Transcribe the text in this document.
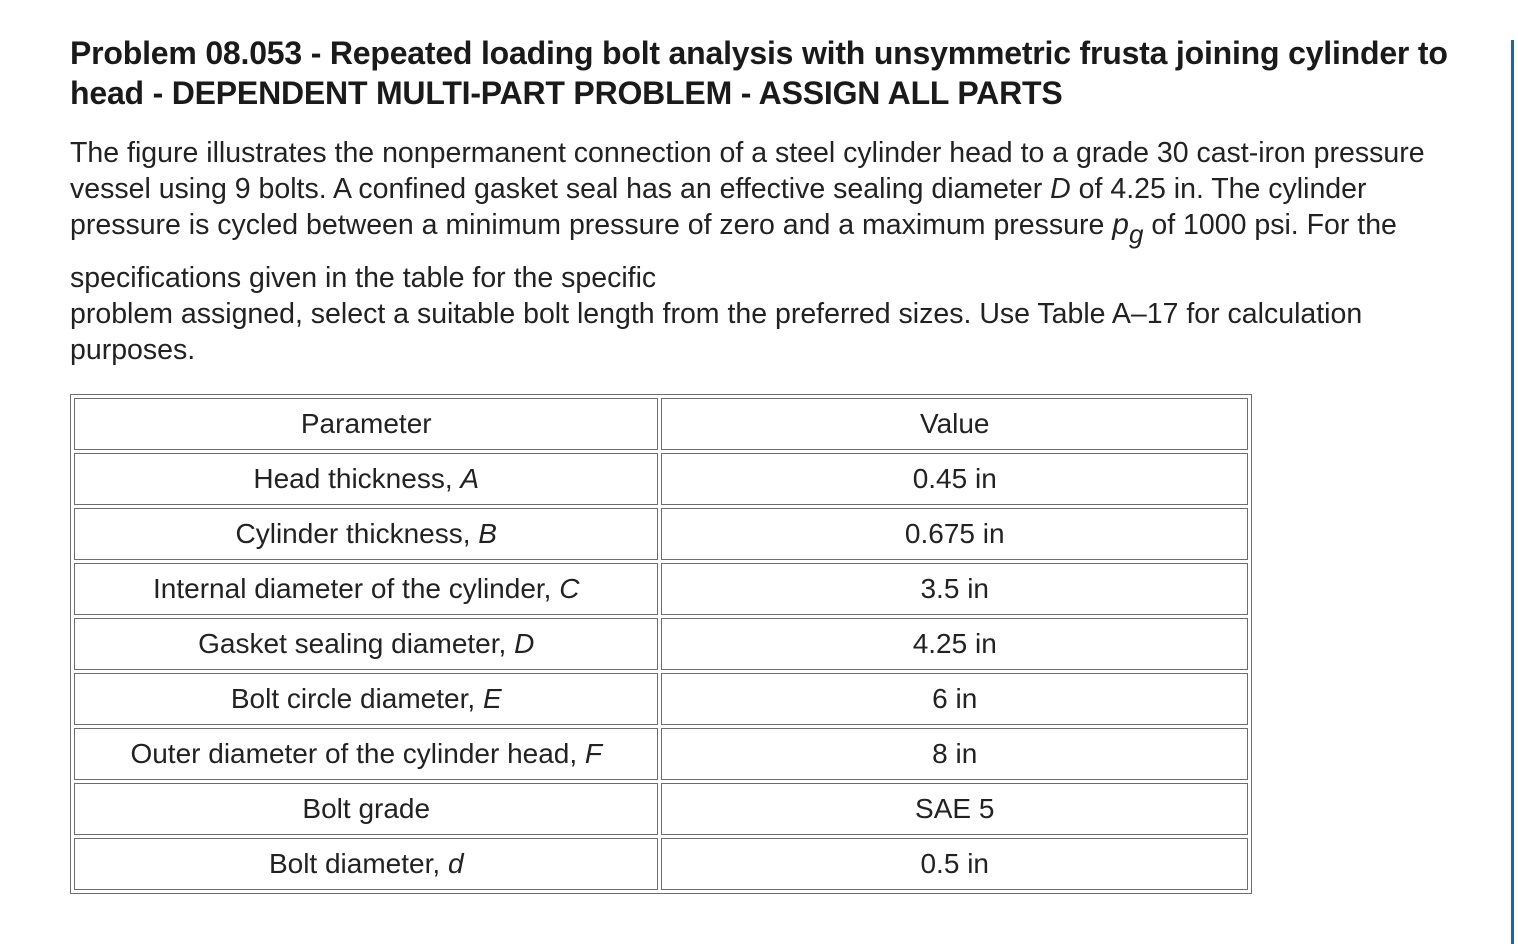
Problem 08.053 - Repeated loading bolt analysis with unsymmetric frusta joining cylinder to head - DEPENDENT MULTI-PART PROBLEM - ASSIGN ALL PARTS

The figure illustrates the nonpermanent connection of a steel cylinder head to a grade 30 cast-iron pressure vessel using 9 bolts. A confined gasket seal has an effective sealing diameter D of 4.25 in. The cylinder pressure is cycled between a minimum pressure of zero and a maximum pressure $p_g$ of 1000 psi. For the specifications given in the table for the specific
problem assigned, select a suitable bolt length from the preferred sizes. Use Table A–17 for calculation purposes.

Parameter	Value
Head thickness, A	0.45 in
Cylinder thickness, B	0.675 in
Internal diameter of the cylinder, C	3.5 in
Gasket sealing diameter, D	4.25 in
Bolt circle diameter, E	6 in
Outer diameter of the cylinder head, F	8 in
Bolt grade	SAE 5
Bolt diameter, d	0.5 in
